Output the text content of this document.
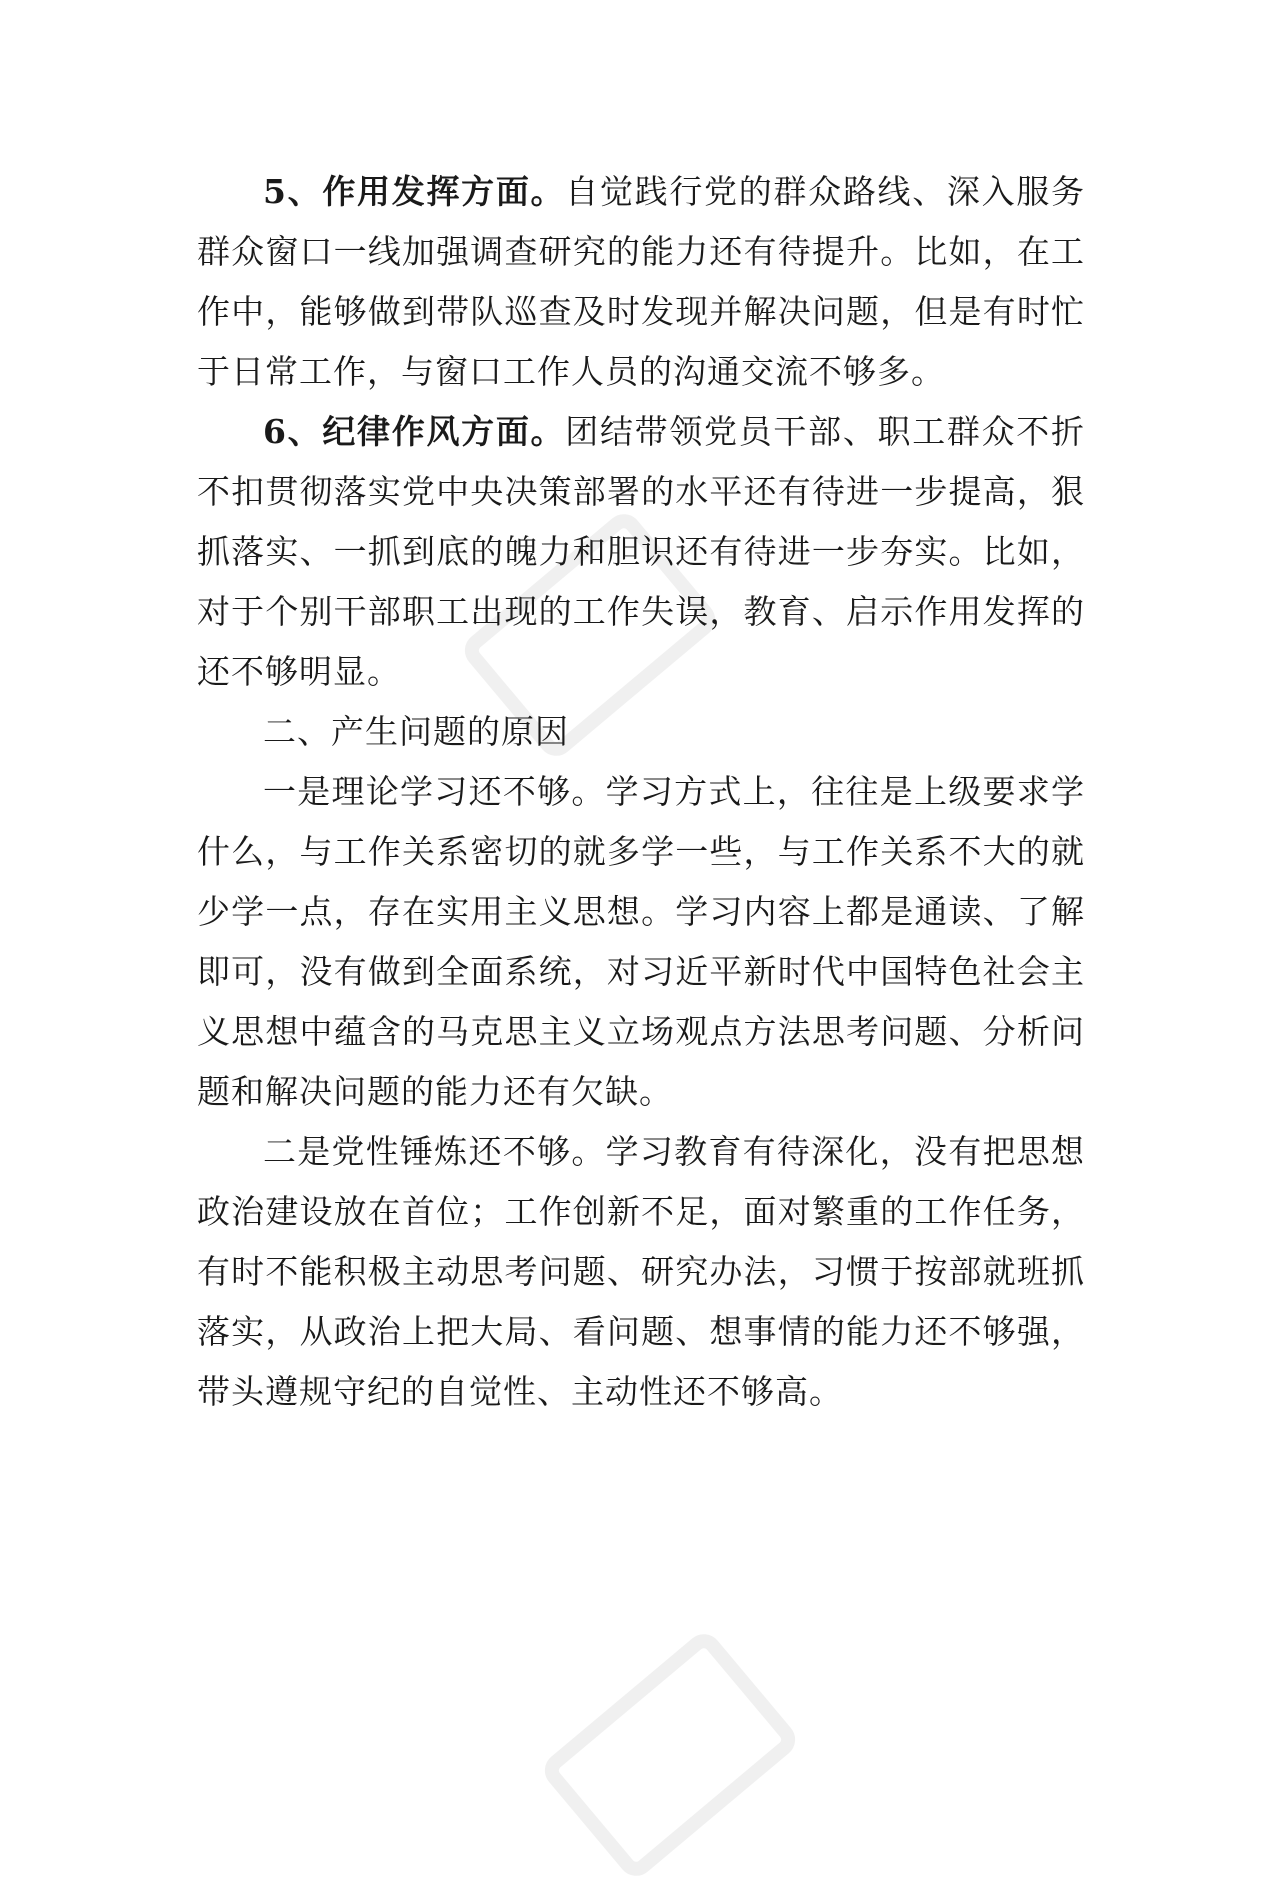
5、作用发挥方面。自觉践行党的群众路线、深入服务群众窗口一线加强调查研究的能力还有待提升。比如，在工作中，能够做到带队巡查及时发现并解决问题，但是有时忙于日常工作，与窗口工作人员的沟通交流不够多。

6、纪律作风方面。团结带领党员干部、职工群众不折不扣贯彻落实党中央决策部署的水平还有待进一步提高，狠抓落实、一抓到底的魄力和胆识还有待进一步夯实。比如，对于个别干部职工出现的工作失误，教育、启示作用发挥的还不够明显。

二、产生问题的原因

一是理论学习还不够。学习方式上，往往是上级要求学什么，与工作关系密切的就多学一些，与工作关系不大的就少学一点，存在实用主义思想。学习内容上都是通读、了解即可，没有做到全面系统，对习近平新时代中国特色社会主义思想中蕴含的马克思主义立场观点方法思考问题、分析问题和解决问题的能力还有欠缺。

二是党性锤炼还不够。学习教育有待深化，没有把思想政治建设放在首位；工作创新不足，面对繁重的工作任务，有时不能积极主动思考问题、研究办法，习惯于按部就班抓落实，从政治上把大局、看问题、想事情的能力还不够强，带头遵规守纪的自觉性、主动性还不够高。
